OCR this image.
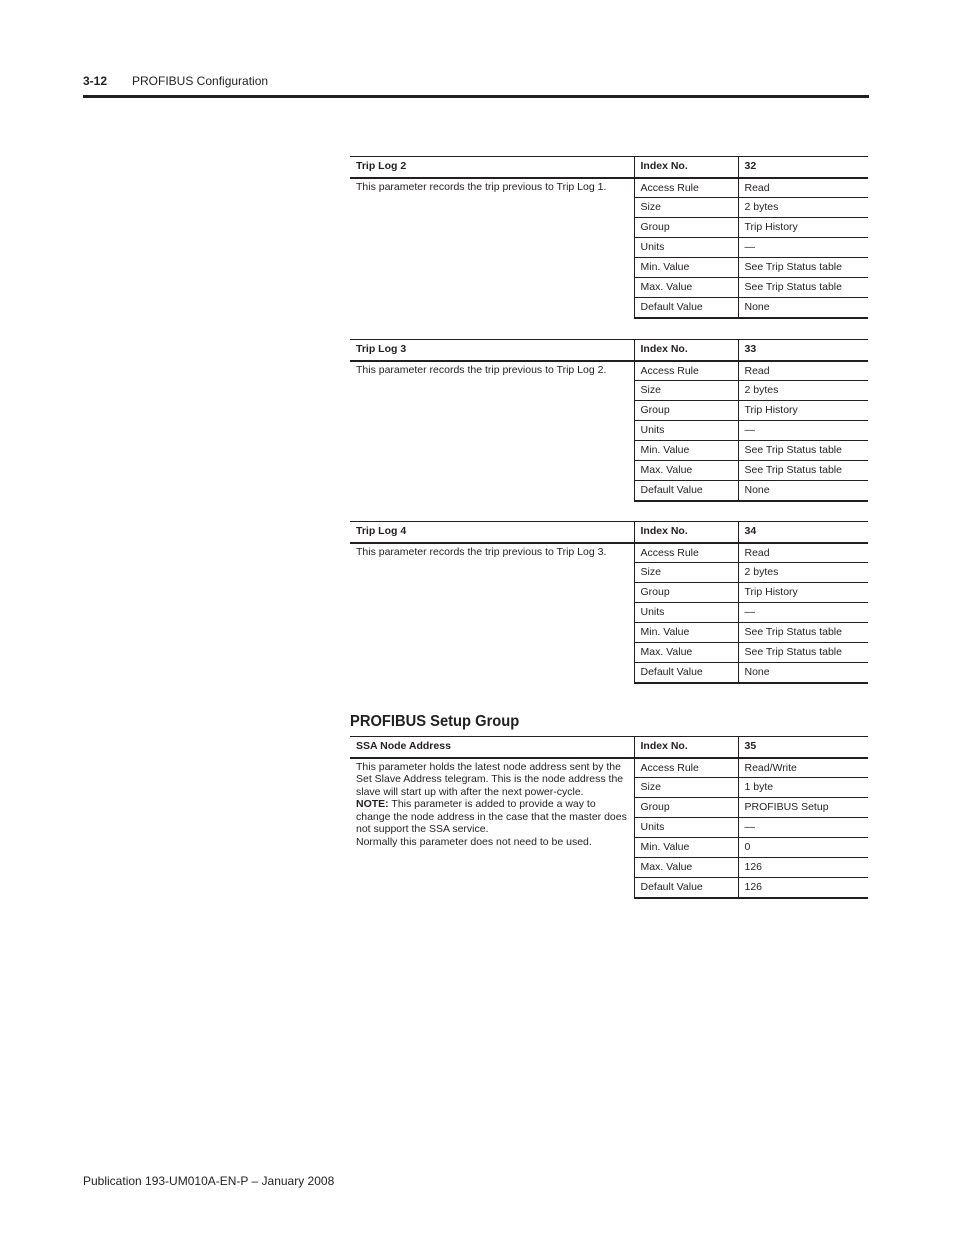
3-12 PROFIBUS Configuration
Trip Log 2	Index No.	32
This parameter records the trip previous to Trip Log 1.	Access Rule	Read
	Size	2 bytes
	Group	Trip History
	Units	—
	Min. Value	See Trip Status table
	Max. Value	See Trip Status table
	Default Value	None
Trip Log 3	Index No.	33
This parameter records the trip previous to Trip Log 2.	Access Rule	Read
	Size	2 bytes
	Group	Trip History
	Units	—
	Min. Value	See Trip Status table
	Max. Value	See Trip Status table
	Default Value	None
Trip Log 4	Index No.	34
This parameter records the trip previous to Trip Log 3.	Access Rule	Read
	Size	2 bytes
	Group	Trip History
	Units	—
	Min. Value	See Trip Status table
	Max. Value	See Trip Status table
	Default Value	None
PROFIBUS Setup Group
SSA Node Address	Index No.	35
This parameter holds the latest node address sent by the Set Slave Address telegram. This is the node address the slave will start up with after the next power-cycle.
NOTE: This parameter is added to provide a way to change the node address in the case that the master does not support the SSA service.
Normally this parameter does not need to be used.	Access Rule	Read/Write
	Size	1 byte
	Group	PROFIBUS Setup
	Units	—
	Min. Value	0
	Max. Value	126
	Default Value	126
Publication 193-UM010A-EN-P – January 2008
